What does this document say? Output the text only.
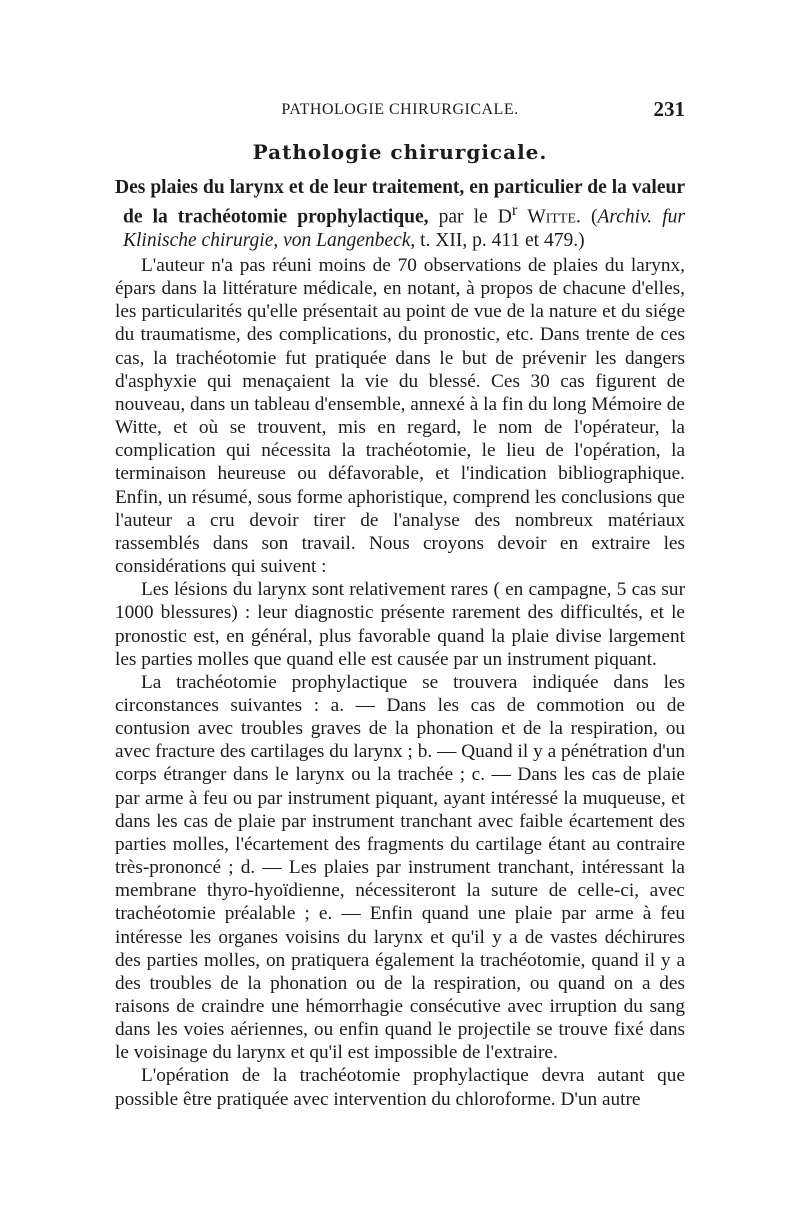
PATHOLOGIE CHIRURGICALE.	231
Pathologie chirurgicale.
Des plaies du larynx et de leur traitement, en particulier de la valeur de la trachéotomie prophylactique, par le $D^r$ Witte. (Archiv. fur Klinische chirurgie, von Langenbeck, t. XII, p. 411 et 479.)

L'auteur n'a pas réuni moins de 70 observations de plaies du larynx, épars dans la littérature médicale, en notant, à propos de chacune d'elles, les particularités qu'elle présentait au point de vue de la nature et du siége du traumatisme, des complications, du pronostic, etc. Dans trente de ces cas, la trachéotomie fut pratiquée dans le but de prévenir les dangers d'asphyxie qui menaçaient la vie du blessé. Ces 30 cas figurent de nouveau, dans un tableau d'ensemble, annexé à la fin du long Mémoire de Witte, et où se trouvent, mis en regard, le nom de l'opérateur, la complication qui nécessita la trachéotomie, le lieu de l'opération, la terminaison heureuse ou défavorable, et l'indication bibliographique. Enfin, un résumé, sous forme aphoristique, comprend les conclusions que l'auteur a cru devoir tirer de l'analyse des nombreux matériaux rassemblés dans son travail. Nous croyons devoir en extraire les considérations qui suivent :

Les lésions du larynx sont relativement rares ( en campagne, 5 cas sur 1000 blessures) : leur diagnostic présente rarement des difficultés, et le pronostic est, en général, plus favorable quand la plaie divise largement les parties molles que quand elle est causée par un instrument piquant.

La trachéotomie prophylactique se trouvera indiquée dans les circonstances suivantes : a. — Dans les cas de commotion ou de contusion avec troubles graves de la phonation et de la respiration, ou avec fracture des cartilages du larynx ; b. — Quand il y a pénétration d'un corps étranger dans le larynx ou la trachée ; c. — Dans les cas de plaie par arme à feu ou par instrument piquant, ayant intéressé la muqueuse, et dans les cas de plaie par instrument tranchant avec faible écartement des parties molles, l'écartement des fragments du cartilage étant au contraire très-prononcé ; d. — Les plaies par instrument tranchant, intéressant la membrane thyro-hyoïdienne, nécessiteront la suture de celle-ci, avec trachéotomie préalable ; e. — Enfin quand une plaie par arme à feu intéresse les organes voisins du larynx et qu'il y a de vastes déchirures des parties molles, on pratiquera également la trachéotomie, quand il y a des troubles de la phonation ou de la respiration, ou quand on a des raisons de craindre une hémorrhagie consécutive avec irruption du sang dans les voies aériennes, ou enfin quand le projectile se trouve fixé dans le voisinage du larynx et qu'il est impossible de l'extraire.

L'opération de la trachéotomie prophylactique devra autant que possible être pratiquée avec intervention du chloroforme. D'un autre
